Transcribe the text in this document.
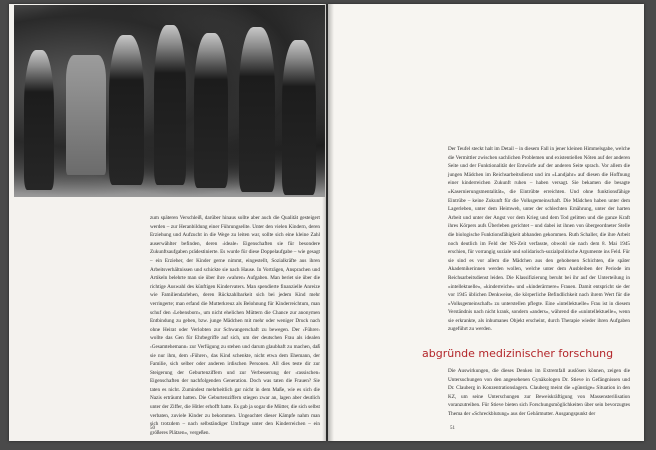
zum späteren Verschleiß, darüber hinaus sollte aber auch die Qualität gesteigert werden – zur Heranbildung einer Führungselite. Unter den vielen Kindern, deren Erziehung und Aufzucht in die Wege zu leiten war, sollte sich eine kleine Zahl auserwählter befinden, deren ›ideale‹ Eigenschaften sie für besondere Zukunftsaufgaben prädestinierte. Es wurde für diese Doppelaufgabe – wie gesagt – ein Erzieher, der Kinder gerne nimmt, eingestellt, Sozialkräfte aus ihren Arbeitsverhältnissen und schickte sie nach Hause. In Vorträgen, Ansprachen und Artikeln belehrte man sie über ihre ›wahren‹ Aufgaben. Man beriet sie über die richtige Auswahl des künftigen Kindervaters. Man spendierte finanzielle Anreize wie Familiendarlehen, deren Rückzahlbarkeit sich bei jedem Kind mehr verringerte; man erfand die Mutterkreuz als Belohnung für Kinderreichtum, man schuf den ›Lebensborn‹, um nicht ehelichen Müttern die Chance zur anonymen Entbindung zu geben, bzw. junge Mädchen mit mehr oder weniger Druck nach ohne Heirat oder Verlobten zur Schwangerschaft zu bewegen. Der ›Führer‹ wollte das Gen für Ehrbegriffe auf sich, um der deutschen Frau als idealen ›Gesamtehemann‹ zur Verfügung zu stehen und darum glaubhaft zu machen, daß sie nur ihm, dem ›Führer‹, das Kind schenkte, nicht etwa dem Ehemann, der Familie, sich selber oder anderen irdischen Personen. All dies teste dir zur Steigerung der Geburtenziffern und zur Verbesserung der ›rassischen‹ Eigenschaften der nachfolgenden Generation. Doch was taten die Frauen? Sie taten es nicht. Zumindest mehrheitlich gar nicht in dem Maße, wie es sich die Nazis erträumt hatten. Die Geburtenziffern stiegen zwar an, lagen aber deutlich unter der Ziffer, die Hitler erhofft hatte. Es gab ja sogar die Mütter, die sich selbst verbaten, zuviele Kinder zu bekommen. Ungeachtet dieser Kämpfe nahm man sich trotzdem – nach selbständiger Umfrage unter den Kinderreichen – ein größeres Plätzen«, vergeßen.

50

Der Teufel steckt halt im Detail – in diesem Fall in jener kleinen Himmelsgabe, welche die Vermittler zwischen sachlichen Problemen und existentiellen Nöten auf der anderen Seite und der Funktionalität der Entwürfe auf der anderen Seite sprach. Vor allem die jungen Mädchen im Reichsarbeitsdienst und im »Landjahr« auf diesen die Hoffnung einer kinderreichen Zukunft ruhen – haben versagt. Sie bekamen die besagte »Kasernierungsmentalität«, die Eintrübte erreichten. Und ohne funktionsfähige Eintrübe – keine Zukunft für die Volksgemeinschaft. Die Mädchen haben unter dem Lagerleben, unter dem Heimweh, unter der schlechten Ernährung, unter der harten Arbeit und unter der Angst vor dem Krieg und dem Tod gelitten und die ganze Kraft ihres Körpers aufs Überleben gerichtet – und dabei ist ihnen von übergeordneter Stelle die biologische Funktionsfähigkeit abhanden gekommen. Ruth Schaller, die ihre Arbeit noch deutlich im Feld der NS-Zeit verfasste, obwohl sie nach dem 8. Mai 1945 erschien, für vorrangig soziale und solidarisch-sozialpolitische Argumente ins Feld. Für sie sind es vor allem die Mädchen aus den gehobenen Schichten, die später Akademikerinnen werden wollen, welche unter dem Ausbleiben der Periode im Reichsarbeitsdienst leiden. Die Klassifizierung beruht bei ihr auf der Unterteilung in »intellektuelle«, »kinderreiche« und »kinderärmere« Frauen. Damit entspricht sie der vor 1945 üblichen Denkweise, die körperliche Befindlichkeit nach ihrem Wert für die »Volksgemeinschaft« zu unterstellen pflegte. Eine »intellektuelle« Frau ist in diesem Verständnis nach nicht krank, sondern »anders«, während die »unintellektuelle«, wenn sie erkrankte, als inhumanes Objekt erscheint, durch Therapie wieder ihren Aufgaben zugeführt zu werden.

abgründe medizinischer forschung

Die Auswirkungen, die dieses Denken im Extremfall auslösen können, zeigen die Untersuchungen von den angesehenen Gynäkologen Dr. Stieve in Gefängnissen und Dr. Clauberg in Konzentrationslagern. Clauberg meint die »günstige« Situation in den KZ, um seine Unterschungen zur Beweiskräftigung von Massensterilisation voranzutreiben. Für Stieve bieten sich Forschungsmöglichkeiten über sein bevorzugtes Thema der »Schreckblutung« aus der Gebärmutter. Ausgangspunkt der

51
